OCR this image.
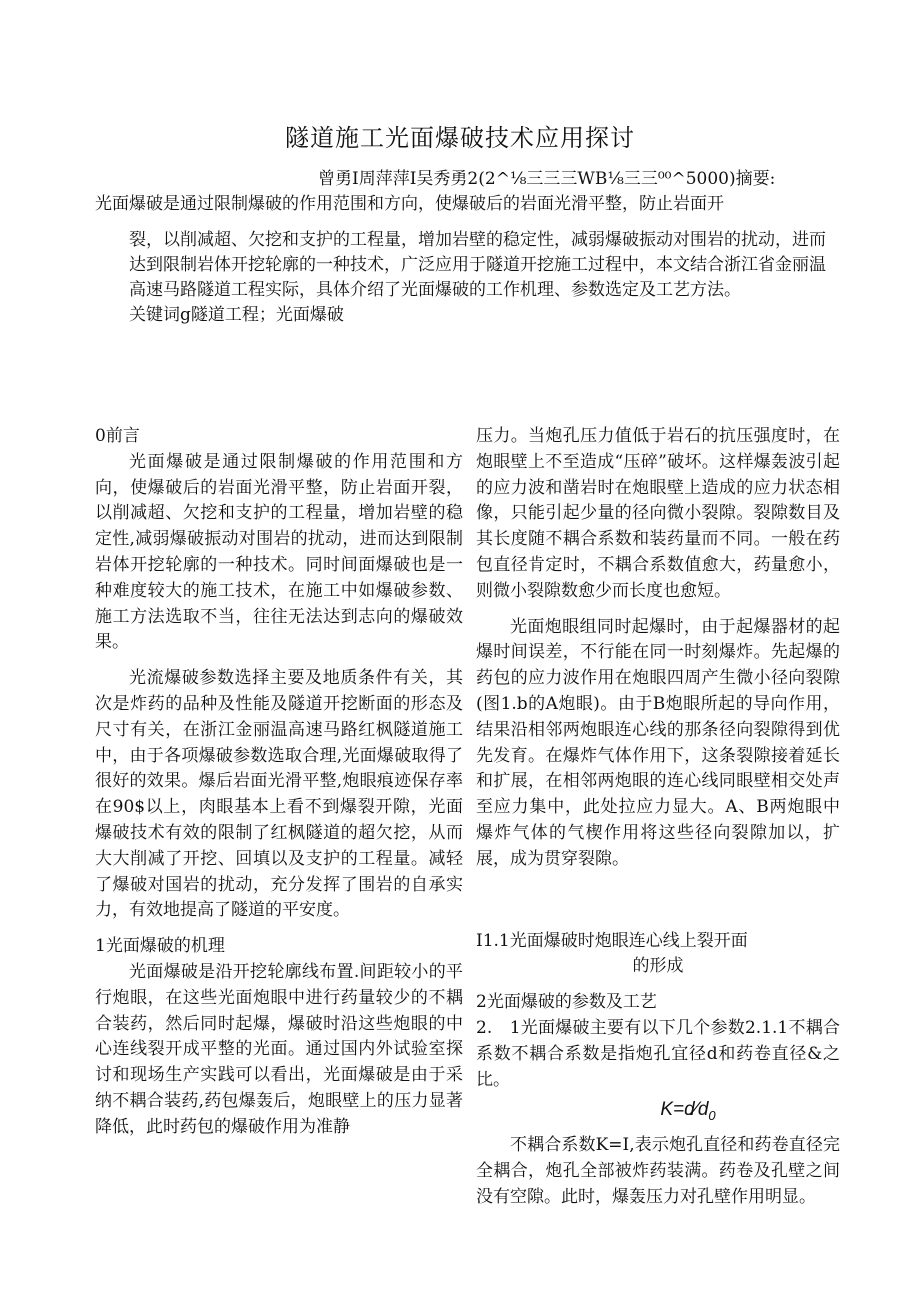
隧道施工光面爆破技术应用探讨
曾勇I周萍萍I吴秀勇2(2^⅛三三三WB⅛三三⁰⁰^5000)摘要:

光面爆破是通过限制爆破的作用范围和方向，使爆破后的岩面光滑平整，防止岩面开

裂，以削减超、欠挖和支护的工程量，增加岩壁的稳定性，减弱爆破振动对围岩的扰动，进而

达到限制岩体开挖轮廓的一种技术，广泛应用于隧道开挖施工过程中，本文结合浙江省金丽温

高速马路隧道工程实际，具体介绍了光面爆破的工作机理、参数选定及工艺方法。

关键词g隧道工程；光面爆破

0前言

光面爆破是通过限制爆破的作用范围和方向，使爆破后的岩面光滑平整，防止岩面开裂，以削减超、欠挖和支护的工程量，增加岩壁的稳定性,减弱爆破振动对围岩的扰动，进而达到限制岩体开挖轮廓的一种技术。同时间面爆破也是一种难度较大的施工技术，在施工中如爆破参数、施工方法选取不当，往往无法达到志向的爆破效果。

光流爆破参数选择主要及地质条件有关，其次是炸药的品种及性能及隧道开挖断面的形态及尺寸有关，在浙江金丽温高速马路红枫隧道施工中，由于各项爆破参数选取合理,光面爆破取得了很好的效果。爆后岩面光滑平整,炮眼痕迹保存率在90$以上，肉眼基本上看不到爆裂开隙，光面爆破技术有效的限制了红枫隧道的超欠挖，从而大大削减了开挖、回填以及支护的工程量。减轻了爆破对国岩的扰动，充分发挥了围岩的自承实力，有效地提高了隧道的平安度。

1光面爆破的机理

光面爆破是沿开挖轮廓线布置.间距较小的平行炮眼，在这些光面炮眼中进行药量较少的不耦合装药，然后同时起爆，爆破时沿这些炮眼的中心连线裂开成平整的光面。通过国内外试验室探讨和现场生产实践可以看出，光面爆破是由于采纳不耦合装药,药包爆轰后，炮眼壁上的压力显著降低，此时药包的爆破作用为准静

压力。当炮孔压力值低于岩石的抗压强度时，在炮眼壁上不至造成“压碎”破坏。这样爆轰波引起的应力波和凿岩时在炮眼壁上造成的应力状态相像，只能引起少量的径向微小裂隙。裂隙数目及其长度随不耦合系数和装药量而不同。一般在药包直径肯定时，不耦合系数值愈大，药量愈小，则微小裂隙数愈少而长度也愈短。

光面炮眼组同时起爆时，由于起爆器材的起爆时间误差，不行能在同一时刻爆炸。先起爆的药包的应力波作用在炮眼四周产生微小径向裂隙(图1.b的A炮眼)。由于B炮眼所起的导向作用，结果沿相邻两炮眼连心线的那条径向裂隙得到优先发育。在爆炸气体作用下，这条裂隙接着延长和扩展，在相邻两炮眼的连心线同眼壁相交处声至应力集中，此处拉应力显大。A、B两炮眼中爆炸气体的气楔作用将这些径向裂隙加以，扩展，成为贯穿裂隙。

I1.1光面爆破时炮眼连心线上裂开面

的形成

2光面爆破的参数及工艺

2.　1光面爆破主要有以下几个参数2.1.1不耦合系数不耦合系数是指炮孔宜径d和药卷直径&之比。

$K=d⁄d_0$

不耦合系数K=I,表示炮孔直径和药卷直径完全耦合，炮孔全部被炸药装满。药卷及孔壁之间没有空隙。此时，爆轰压力对孔壁作用明显。
